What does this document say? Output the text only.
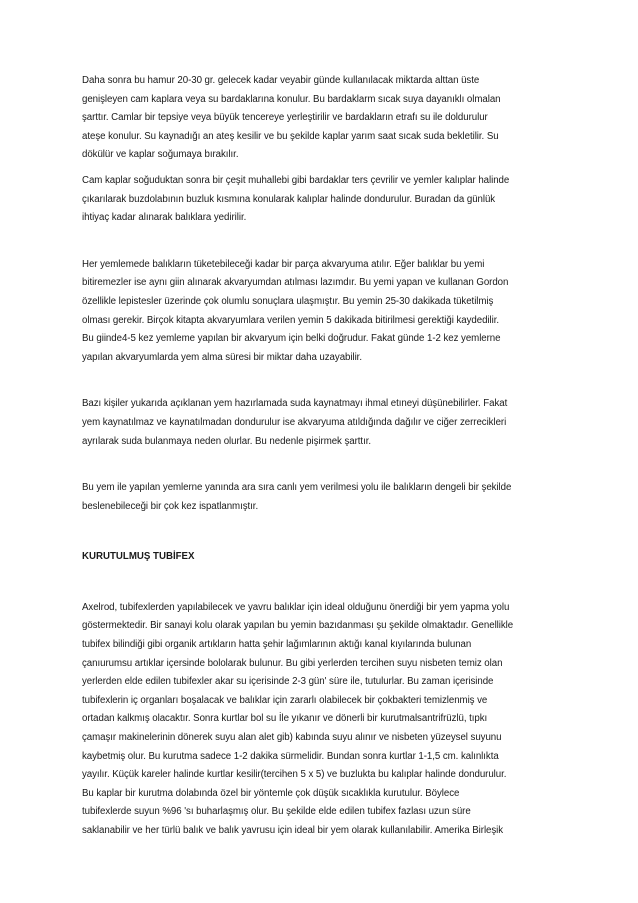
Daha sonra bu hamur 20-30 gr. gelecek kadar veyabir günde kullanılacak miktarda alttan üste
genişleyen cam kaplara veya su bardaklarına konulur. Bu bardaklarm sıcak suya dayanıklı olmalan
şarttır. Camlar bir tepsiye veya büyük tencereye yerleştirilir ve bardakların etrafı su ile doldurulur
ateşe konulur. Su kaynadığı an ateş kesilir ve bu şekilde kaplar yarım saat sıcak suda bekletilir. Su
dökülür ve kaplar soğumaya bırakılır.

Cam kaplar soğuduktan sonra bir çeşit muhallebi gibi bardaklar ters çevrilir ve yemler kalıplar halinde
çıkarılarak buzdolabının buzluk kısmına konularak kalıplar halinde dondurulur. Buradan da günlük
ihtiyaç kadar alınarak balıklara yedirilir.

Her yemlemede balıkların tüketebileceği kadar bir parça akvaryuma atılır. Eğer balıklar bu yemi
bitiremezler ise aynı giin alınarak akvaryumdan atılması lazımdır. Bu yemi yapan ve kullanan Gordon
özellikle lepistesler üzerinde çok olumlu sonuçlara ulaşmıştır. Bu yemin 25-30 dakikada tüketilmiş
olması gerekir. Birçok kitapta akvaryumlara verilen yemin 5 dakikada bitirilmesi gerektiği kaydedilir.
Bu giinde4-5 kez yemleme yapılan bir akvaryum için belki doğrudur. Fakat günde 1-2 kez yemlerne
yapılan akvaryumlarda yem alma süresi bir miktar daha uzayabilir.

Bazı kişiler yukarıda açıklanan yem hazırlamada suda kaynatmayı ihmal etıneyi düşünebilirler. Fakat
yem kaynatılmaz ve kaynatılmadan dondurulur ise akvaryuma atıldığında dağılır ve ciğer zerrecikleri
ayrılarak suda bulanmaya neden olurlar. Bu nedenle pişirmek şarttır.

Bu yem ile yapılan yemlerne yanında ara sıra canlı yem verilmesi yolu ile balıkların dengeli bir şekilde
beslenebileceği bir çok kez ispatlanmıştır.

KURUTULMUŞ TUBİFEX

Axelrod, tubifexlerden yapılabilecek ve yavru balıklar için ideal olduğunu önerdiği bir yem yapma yolu
göstermektedir. Bir sanayi kolu olarak yapılan bu yemin bazıdanması şu şekilde olmaktadır. Genellikle
tubifex bilindiği gibi organik artıkların hatta şehir lağımlarının aktığı kanal kıyılarında bulunan
çanıurumsu artıklar içersinde bololarak bulunur. Bu gibi yerlerden tercihen suyu nisbeten temiz olan
yerlerden elde edilen tubifexler akar su içerisinde 2-3 gün' süre ile, tutulurlar. Bu zaman içerisinde
tubifexlerin iç organları boşalacak ve balıklar için zararlı olabilecek bir çokbakteri temizlenmiş ve
ortadan kalkmış olacaktır. Sonra kurtlar bol su İle yıkanır ve dönerli bir kurutmalsantrifrüzlü, tıpkı
çamaşır makinelerinin dönerek suyu alan alet gib) kabında suyu alınır ve nisbeten yüzeysel suyunu
kaybetmiş olur. Bu kurutma sadece 1-2 dakika sürmelidir. Bundan sonra kurtlar 1-1,5 cm. kalınlıkta
yayılır. Küçük kareler halinde kurtlar kesilir(tercihen 5 x 5) ve buzlukta bu kalıplar halinde dondurulur.
Bu kaplar bir kurutma dolabında özel bir yöntemle çok düşük sıcaklıkla kurutulur. Böylece
tubifexlerde suyun %96 'sı buharlaşmış olur. Bu şekilde elde edilen tubifex fazlası uzun süre
saklanabilir ve her türlü balık ve balık yavrusu için ideal bir yem olarak kullanılabilir. Amerika Birleşik
